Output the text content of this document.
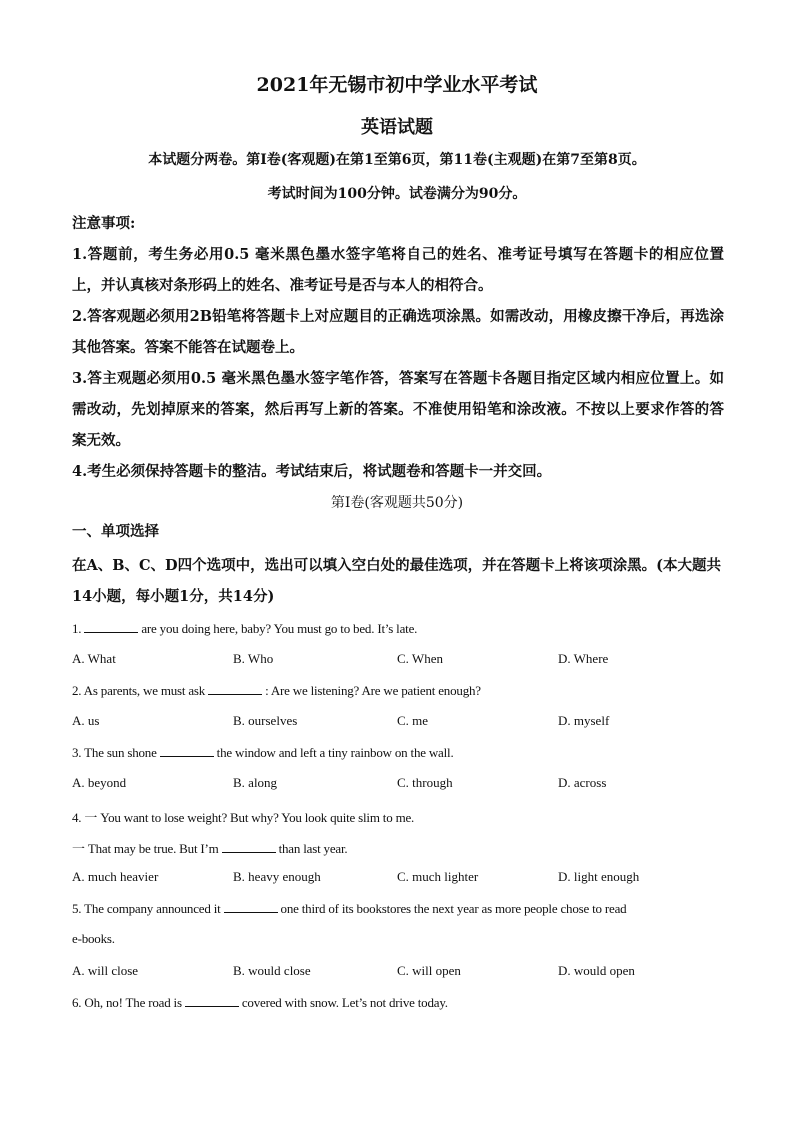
2021年无锡市初中学业水平考试
英语试题
本试题分两卷。第Ⅰ卷(客观题)在第1至第6页，第11卷(主观题)在第7至第8页。
考试时间为100分钟。试卷满分为90分。
注意事项:
1.答题前，考生务必用0.5 毫米黑色墨水签字笔将自己的姓名、准考证号填写在答题卡的相应位置上，并认真核对条形码上的姓名、准考证号是否与本人的相符合。
2.答客观题必须用2B铅笔将答题卡上对应题目的正确选项涂黑。如需改动，用橡皮擦干净后，再选涂其他答案。答案不能答在试题卷上。
3.答主观题必须用0.5 毫米黑色墨水签字笔作答，答案写在答题卡各题目指定区域内相应位置上。如需改动，先划掉原来的答案，然后再写上新的答案。不准使用铅笔和涂改液。不按以上要求作答的答案无效。
4.考生必须保持答题卡的整洁。考试结束后，将试题卷和答题卡一并交回。
第Ⅰ卷(客观题共50分)
一、单项选择
在A、B、C、D四个选项中，选出可以填入空白处的最佳选项，并在答题卡上将该项涂黑。(本大题共14小题，每小题1分，共14分)
1.	are you doing here, baby? You must go to bed. It’s late.
A. What	B. Who	C. When	D. Where
2. As parents, we must ask	: Are we listening? Are we patient enough?
A. us	B. ourselves	C. me	D. myself
3. The sun shone	the window and left a tiny rainbow on the wall.
A. beyond	B. along	C. through	D. across
4. 一 You want to lose weight? But why? You look quite slim to me.
一 That may be true. But I’m	than last year.
A. much heavier	B. heavy enough	C. much lighter	D. light enough
5. The company announced it	one third of its bookstores the next year as more people chose to read
e-books.
A. will close	B. would close	C. will open	D. would open
6. Oh, no! The road is	covered with snow. Let’s not drive today.
